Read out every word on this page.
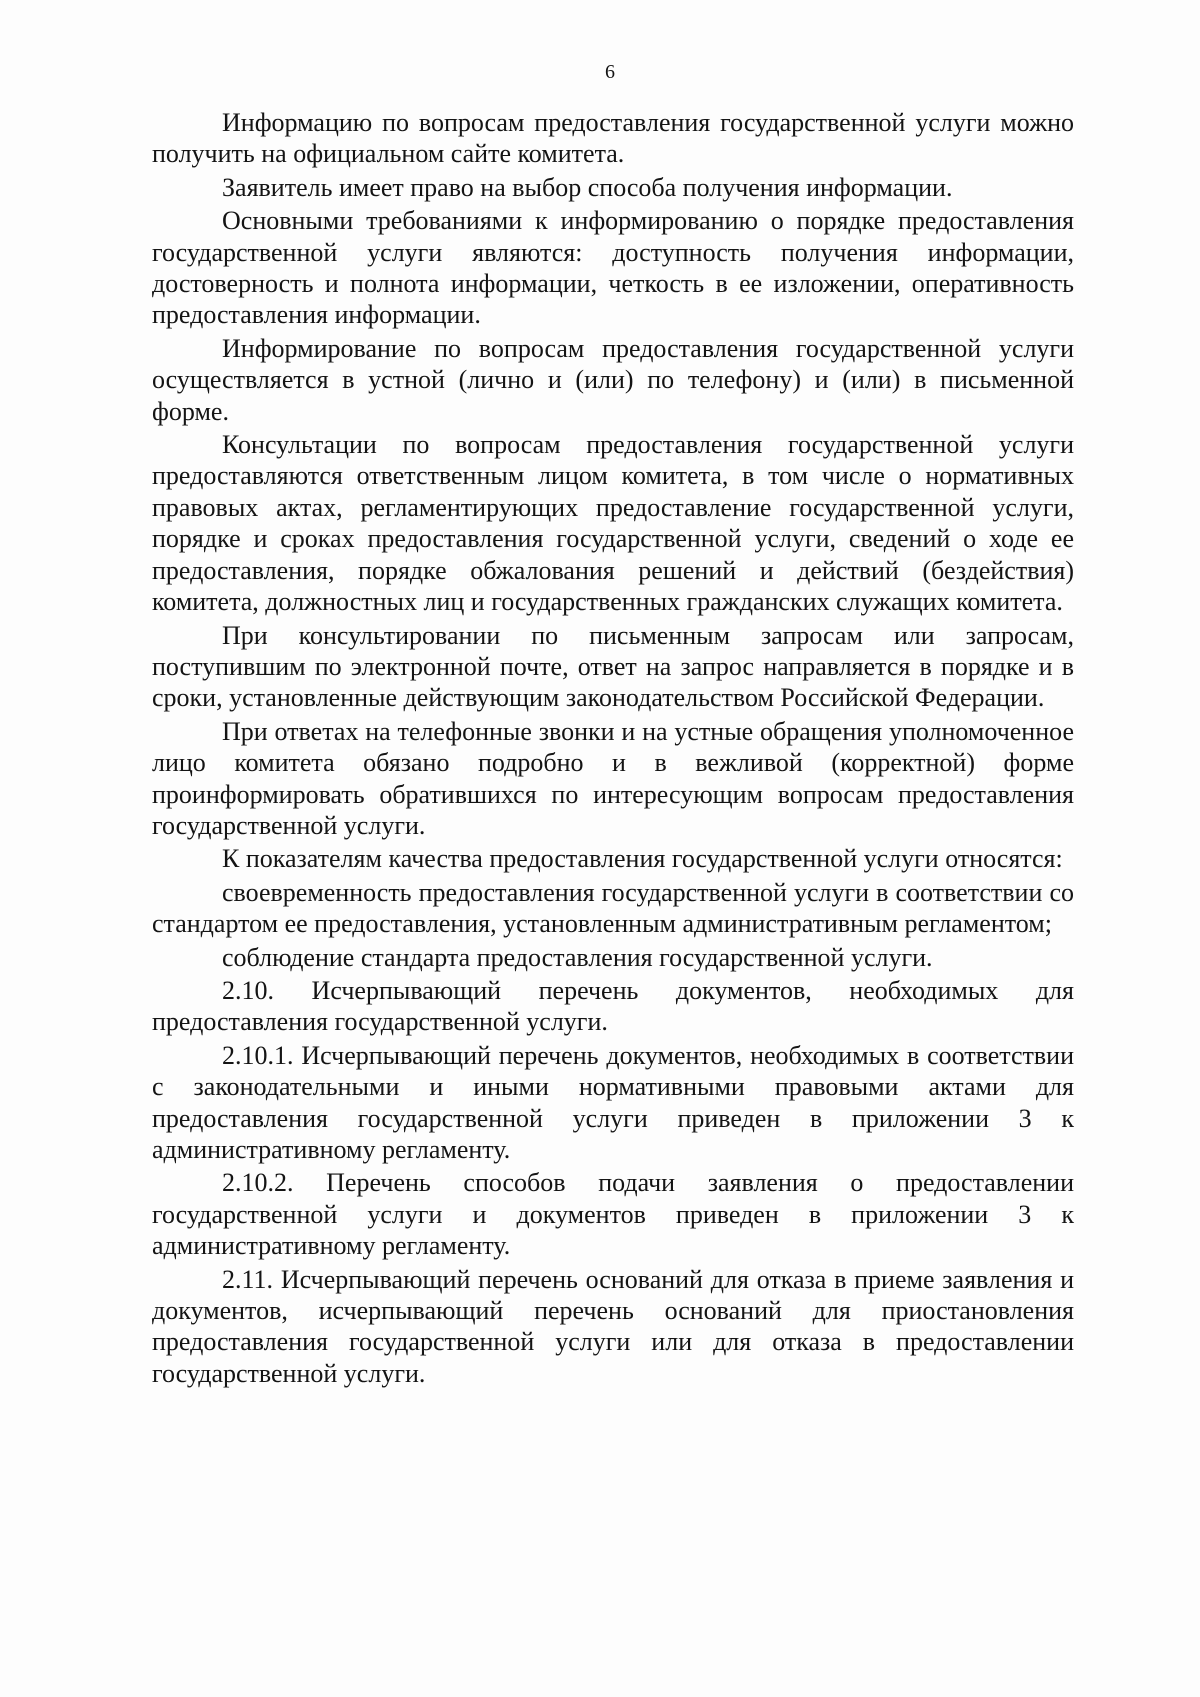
6

Информацию по вопросам предоставления государственной услуги можно получить на официальном сайте комитета.

Заявитель имеет право на выбор способа получения информации.

Основными требованиями к информированию о порядке предоставления государственной услуги являются: доступность получения информации, достоверность и полнота информации, четкость в ее изложении, оперативность предоставления информации.

Информирование по вопросам предоставления государственной услуги осуществляется в устной (лично и (или) по телефону) и (или) в письменной форме.

Консультации по вопросам предоставления государственной услуги предоставляются ответственным лицом комитета, в том числе о нормативных правовых актах, регламентирующих предоставление государственной услуги, порядке и сроках предоставления государственной услуги, сведений о ходе ее предоставления, порядке обжалования решений и действий (бездействия) комитета, должностных лиц и государственных гражданских служащих комитета.

При консультировании по письменным запросам или запросам, поступившим по электронной почте, ответ на запрос направляется в порядке и в сроки, установленные действующим законодательством Российской Федерации.

При ответах на телефонные звонки и на устные обращения уполномоченное лицо комитета обязано подробно и в вежливой (корректной) форме проинформировать обратившихся по интересующим вопросам предоставления государственной услуги.

К показателям качества предоставления государственной услуги относятся:

своевременность предоставления государственной услуги в соответствии со стандартом ее предоставления, установленным административным регламентом;

соблюдение стандарта предоставления государственной услуги.

2.10. Исчерпывающий перечень документов, необходимых для предоставления государственной услуги.

2.10.1. Исчерпывающий перечень документов, необходимых в соответствии с законодательными и иными нормативными правовыми актами для предоставления государственной услуги приведен в приложении 3 к административному регламенту.

2.10.2. Перечень способов подачи заявления о предоставлении государственной услуги и документов приведен в приложении 3 к административному регламенту.

2.11. Исчерпывающий перечень оснований для отказа в приеме заявления и документов, исчерпывающий перечень оснований для приостановления предоставления государственной услуги или для отказа в предоставлении государственной услуги.
